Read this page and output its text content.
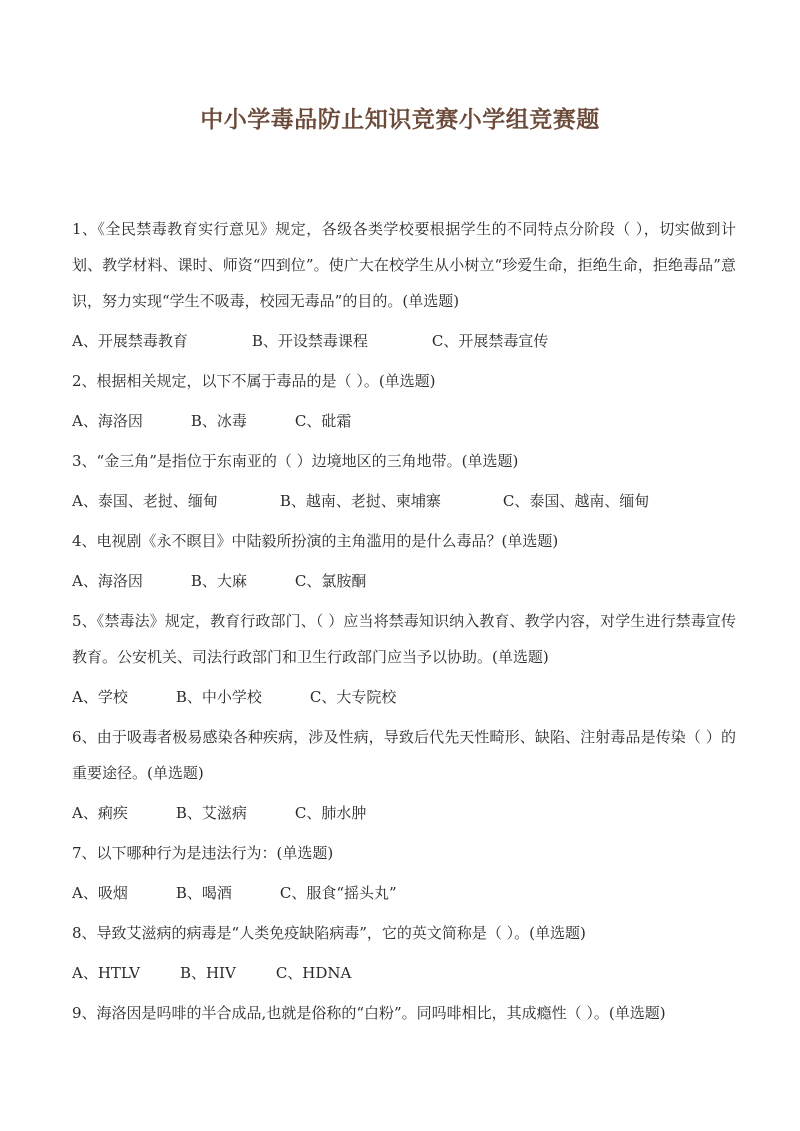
中小学毒品防止知识竞赛小学组竞赛题
1、《全民禁毒教育实行意见》规定，各级各类学校要根据学生的不同特点分阶段（ ），切实做到计划、教学材料、课时、师资“四到位”。使广大在校学生从小树立“珍爱生命，拒绝生命，拒绝毒品”意识，努力实现“学生不吸毒，校园无毒品”的目的。(单选题)
A、开展禁毒教育	B、开设禁毒课程	C、开展禁毒宣传
2、根据相关规定，以下不属于毒品的是（ ）。(单选题)
A、海洛因	B、冰毒	C、砒霜
3、“金三角”是指位于东南亚的（ ）边境地区的三角地带。(单选题)
A、泰国、老挝、缅甸	B、越南、老挝、柬埔寨	C、泰国、越南、缅甸
4、电视剧《永不瞑目》中陆毅所扮演的主角滥用的是什么毒品？(单选题)
A、海洛因	B、大麻	C、氯胺酮
5、《禁毒法》规定，教育行政部门、（ ）应当将禁毒知识纳入教育、教学内容，对学生进行禁毒宣传教育。公安机关、司法行政部门和卫生行政部门应当予以协助。(单选题)
A、学校	B、中小学校	C、大专院校
6、由于吸毒者极易感染各种疾病，涉及性病，导致后代先天性畸形、缺陷、注射毒品是传染（ ）的重要途径。(单选题)
A、痢疾	B、艾滋病	C、肺水肿
7、以下哪种行为是违法行为：(单选题)
A、吸烟	B、喝酒	C、服食“摇头丸”
8、导致艾滋病的病毒是“人类免疫缺陷病毒”，它的英文简称是（ ）。(单选题)
A、HTLV	B、HIV	C、HDNA
9、海洛因是吗啡的半合成品,也就是俗称的“白粉”。同吗啡相比，其成瘾性（ ）。(单选题)
